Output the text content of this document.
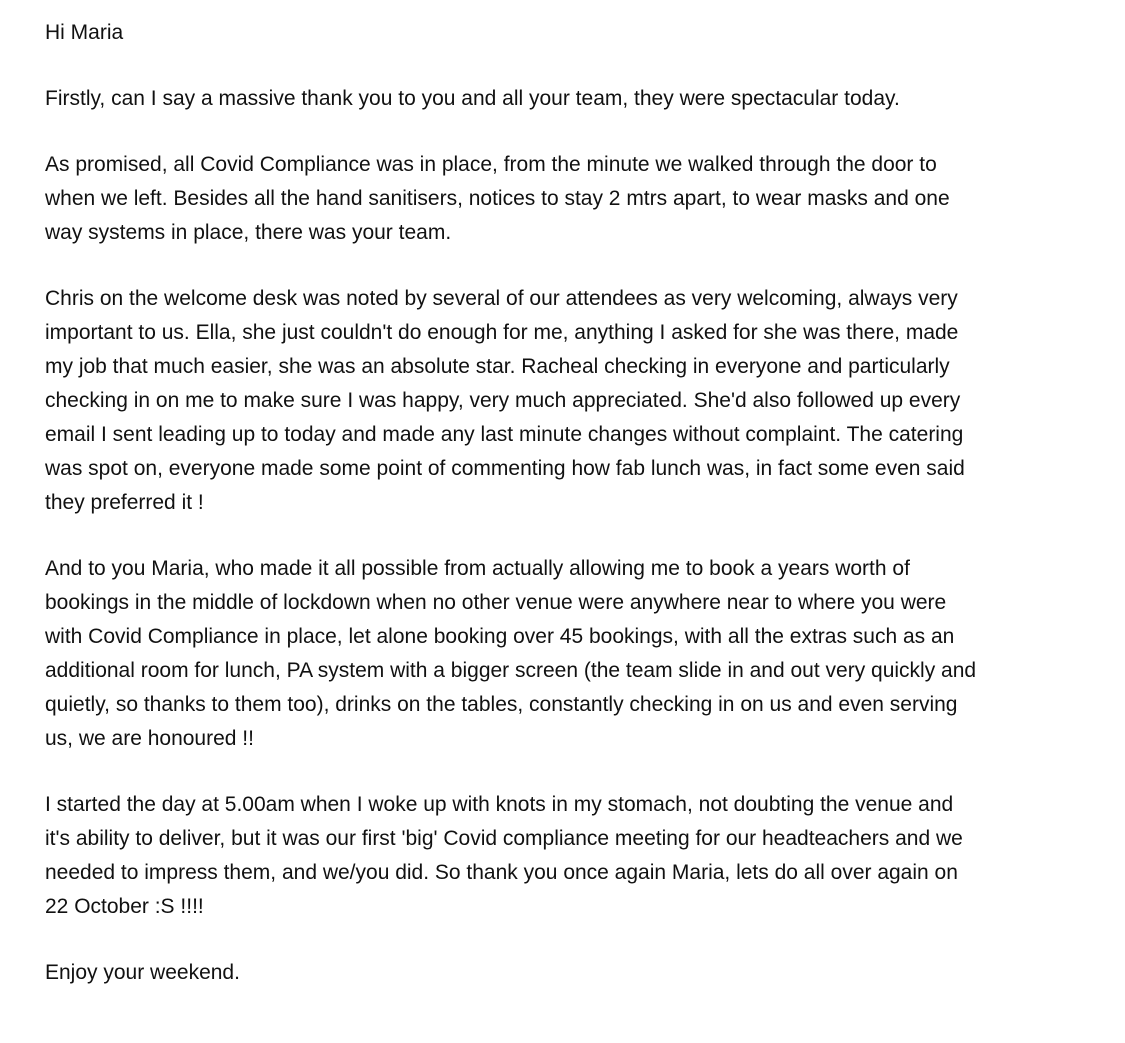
Hi Maria
Firstly, can I say a massive thank you to you and all your team, they were spectacular today.
As promised, all Covid Compliance was in place, from the minute we walked through the door to
when we left. Besides all the hand sanitisers, notices to stay 2 mtrs apart, to wear masks and one
way systems in place, there was your team.
Chris on the welcome desk was noted by several of our attendees as very welcoming, always very
important to us. Ella, she just couldn't do enough for me, anything I asked for she was there, made
my job that much easier, she was an absolute star. Racheal checking in everyone and particularly
checking in on me to make sure I was happy, very much appreciated. She'd also followed up every
email I sent leading up to today and made any last minute changes without complaint. The catering
was spot on, everyone made some point of commenting how fab lunch was, in fact some even said
they preferred it !
And to you Maria, who made it all possible from actually allowing me to book a years worth of
bookings in the middle of lockdown when no other venue were anywhere near to where you were
with Covid Compliance in place, let alone booking over 45 bookings, with all the extras such as an
additional room for lunch, PA system with a bigger screen (the team slide in and out very quickly and
quietly, so thanks to them too), drinks on the tables, constantly checking in on us and even serving
us, we are honoured !!
I started the day at 5.00am when I woke up with knots in my stomach, not doubting the venue and
it's ability to deliver, but it was our first 'big' Covid compliance meeting for our headteachers and we
needed to impress them, and we/you did. So thank you once again Maria, lets do all over again on
22 October :S !!!!
Enjoy your weekend.
